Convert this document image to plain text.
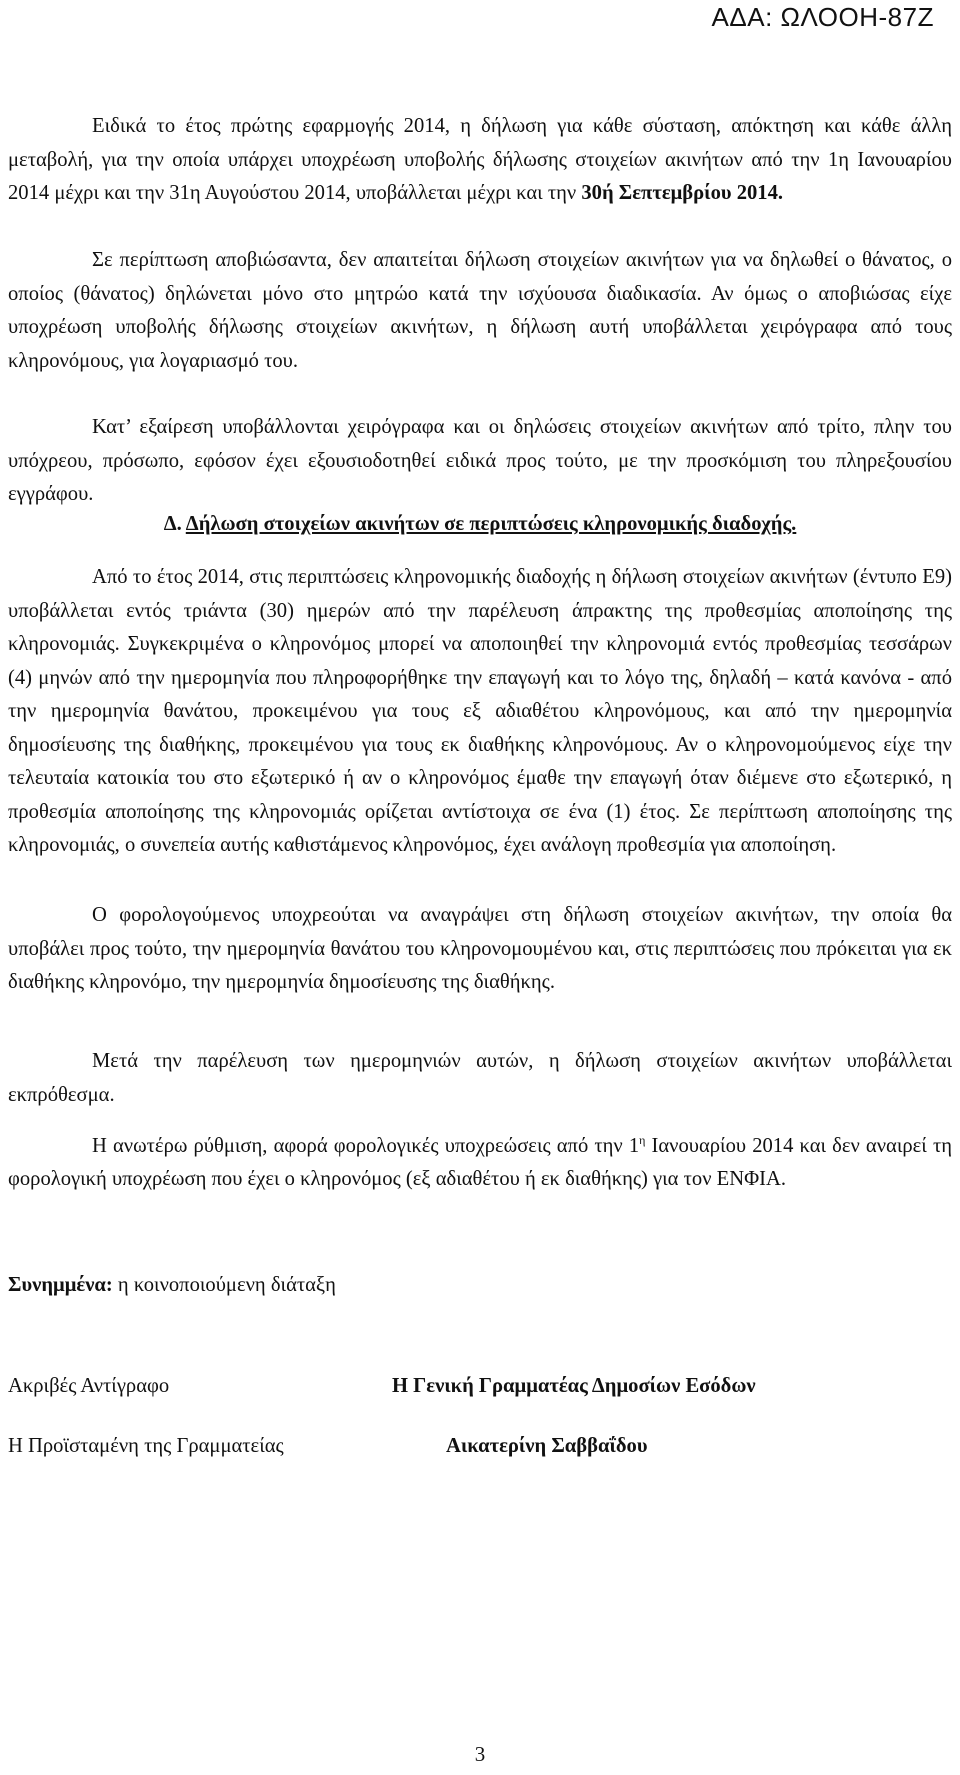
ΑΔΑ: ΩΛΟΟΗ-87Ζ

Ειδικά το έτος πρώτης εφαρμογής 2014, η δήλωση για κάθε σύσταση, απόκτηση και κάθε άλλη μεταβολή, για την οποία υπάρχει υποχρέωση υποβολής δήλωσης στοιχείων ακινήτων από την 1η Ιανουαρίου 2014 μέχρι και την 31η Αυγούστου 2014, υποβάλλεται μέχρι και την 30ή Σεπτεμβρίου 2014.

Σε περίπτωση αποβιώσαντα, δεν απαιτείται δήλωση στοιχείων ακινήτων για να δηλωθεί ο θάνατος, ο οποίος (θάνατος) δηλώνεται μόνο στο μητρώο κατά την ισχύουσα διαδικασία. Αν όμως ο αποβιώσας είχε υποχρέωση υποβολής δήλωσης στοιχείων ακινήτων, η δήλωση αυτή υποβάλλεται χειρόγραφα από τους κληρονόμους, για λογαριασμό του.

Κατ’ εξαίρεση υποβάλλονται χειρόγραφα και οι δηλώσεις στοιχείων ακινήτων από τρίτο, πλην του υπόχρεου, πρόσωπο, εφόσον έχει εξουσιοδοτηθεί ειδικά προς τούτο, με την προσκόμιση του πληρεξουσίου εγγράφου.

Δ. Δήλωση στοιχείων ακινήτων σε περιπτώσεις κληρονομικής διαδοχής.

Από το έτος 2014, στις περιπτώσεις κληρονομικής διαδοχής η δήλωση στοιχείων ακινήτων (έντυπο Ε9) υποβάλλεται εντός τριάντα (30) ημερών από την παρέλευση άπρακτης της προθεσμίας αποποίησης της κληρονομιάς. Συγκεκριμένα ο κληρονόμος μπορεί να αποποιηθεί την κληρονομιά εντός προθεσμίας τεσσάρων (4) μηνών από την ημερομηνία που πληροφορήθηκε την επαγωγή και το λόγο της, δηλαδή – κατά κανόνα - από την ημερομηνία θανάτου, προκειμένου για τους εξ αδιαθέτου κληρονόμους, και από την ημερομηνία δημοσίευσης της διαθήκης, προκειμένου για τους εκ διαθήκης κληρονόμους. Αν ο κληρονομούμενος είχε την τελευταία κατοικία του στο εξωτερικό ή αν ο κληρονόμος έμαθε την επαγωγή όταν διέμενε στο εξωτερικό, η προθεσμία αποποίησης της κληρονομιάς ορίζεται αντίστοιχα σε ένα (1) έτος. Σε περίπτωση αποποίησης της κληρονομιάς, ο συνεπεία αυτής καθιστάμενος κληρονόμος, έχει ανάλογη προθεσμία για αποποίηση.

Ο φορολογούμενος υποχρεούται να αναγράψει στη δήλωση στοιχείων ακινήτων, την οποία θα υποβάλει προς τούτο, την ημερομηνία θανάτου του κληρονομουμένου και, στις περιπτώσεις που πρόκειται για εκ διαθήκης κληρονόμο, την ημερομηνία δημοσίευσης της διαθήκης.

Μετά την παρέλευση των ημερομηνιών αυτών, η δήλωση στοιχείων ακινήτων υποβάλλεται εκπρόθεσμα.

Η ανωτέρω ρύθμιση, αφορά φορολογικές υποχρεώσεις από την $1^\eta$ Ιανουαρίου 2014 και δεν αναιρεί τη φορολογική υποχρέωση που έχει ο κληρονόμος (εξ αδιαθέτου ή εκ διαθήκης) για τον ΕΝΦΙΑ.

Συνημμένα: η κοινοποιούμενη διάταξη

Ακριβές Αντίγραφο	Η Γενική Γραμματέας Δημοσίων Εσόδων

Η Προϊσταμένη της Γραμματείας	Αικατερίνη Σαββαΐδου

3
